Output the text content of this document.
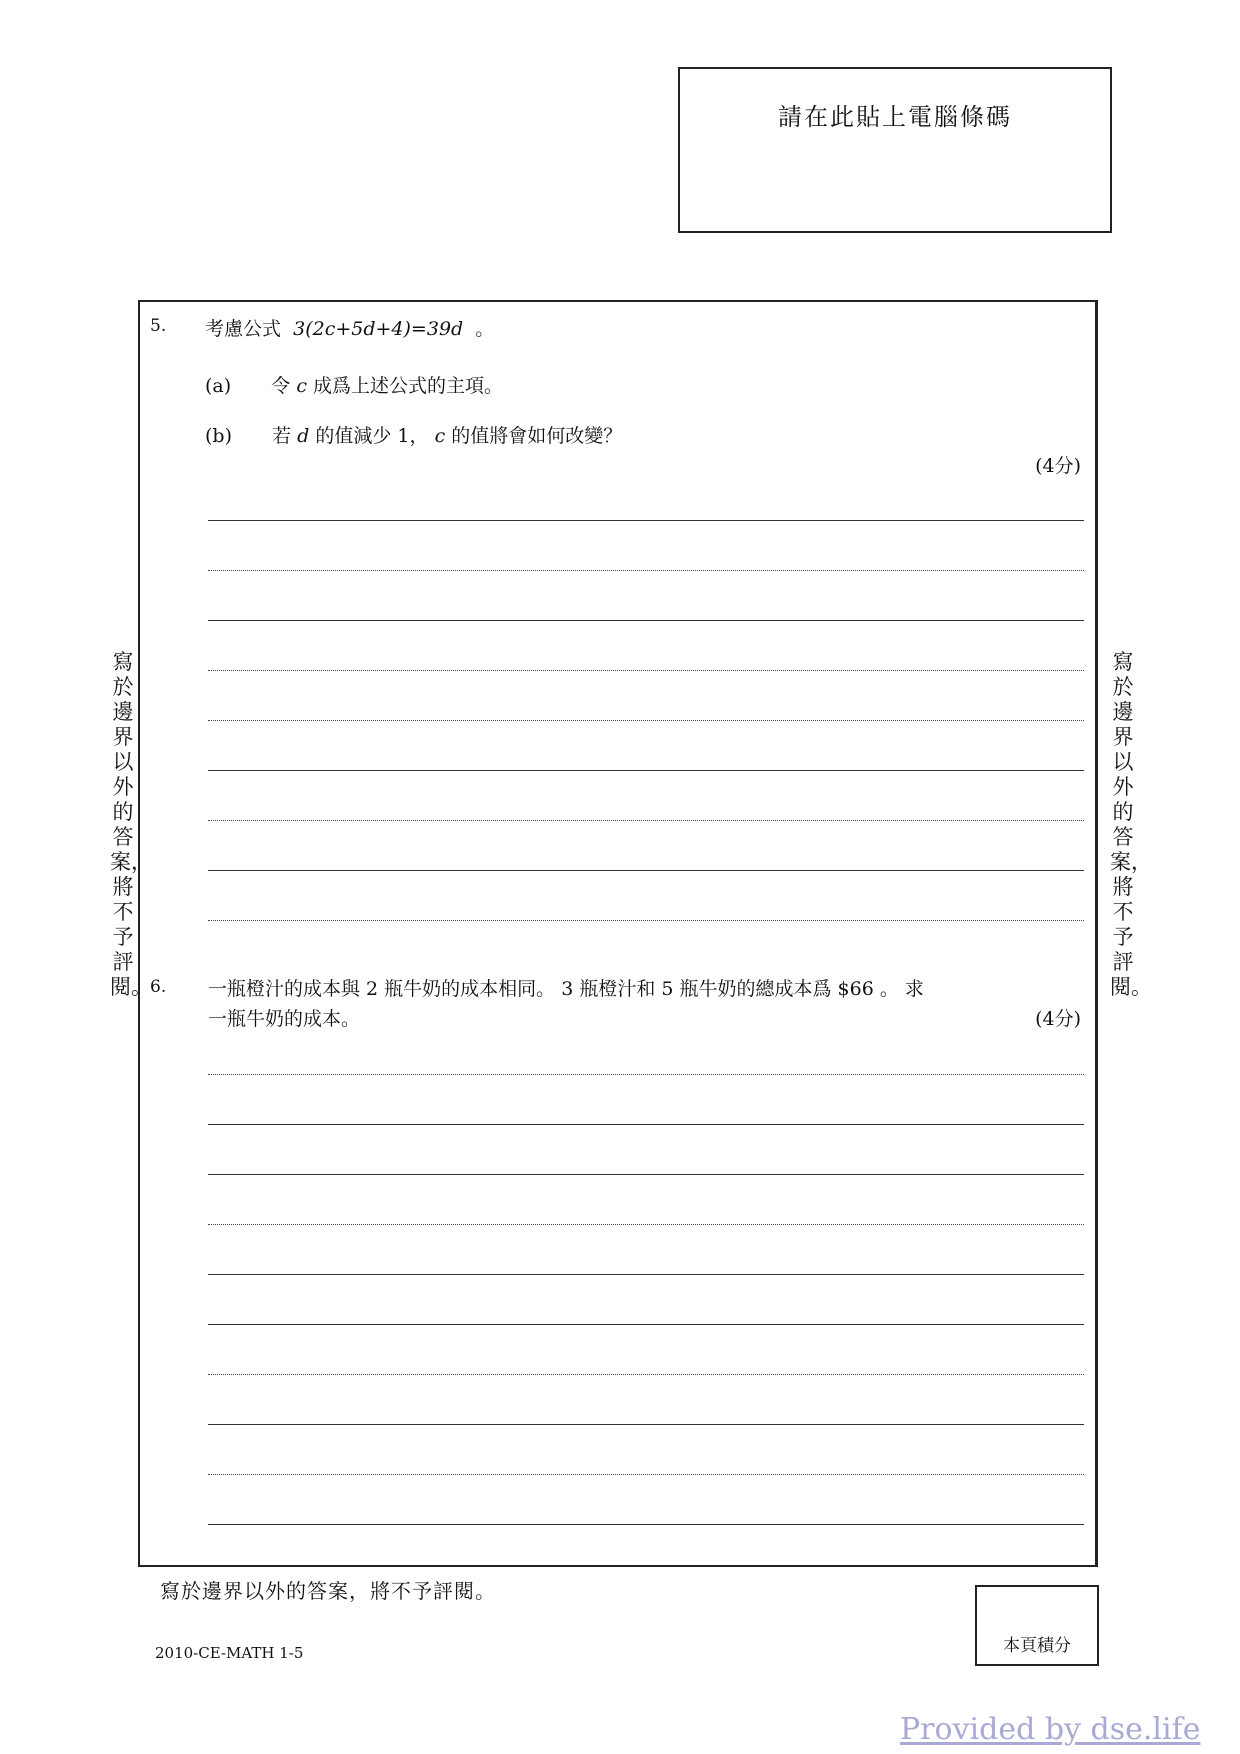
請在此貼上電腦條碼
寫於邊界以外的答案，將不予評閱。
寫於邊界以外的答案，將不予評閱。
5. 考慮公式 3(2c+5d+4)=39d 。
(a) 令 c 成爲上述公式的主項。
(b) 若 d 的值減少 1， c 的值將會如何改變？
(4分)
6. 一瓶橙汁的成本與 2 瓶牛奶的成本相同。 3 瓶橙汁和 5 瓶牛奶的總成本爲 $66 。 求
一瓶牛奶的成本。	(4分)
寫於邊界以外的答案，將不予評閱。
2010-CE-MATH 1-5	本頁積分
Provided by dse.life
